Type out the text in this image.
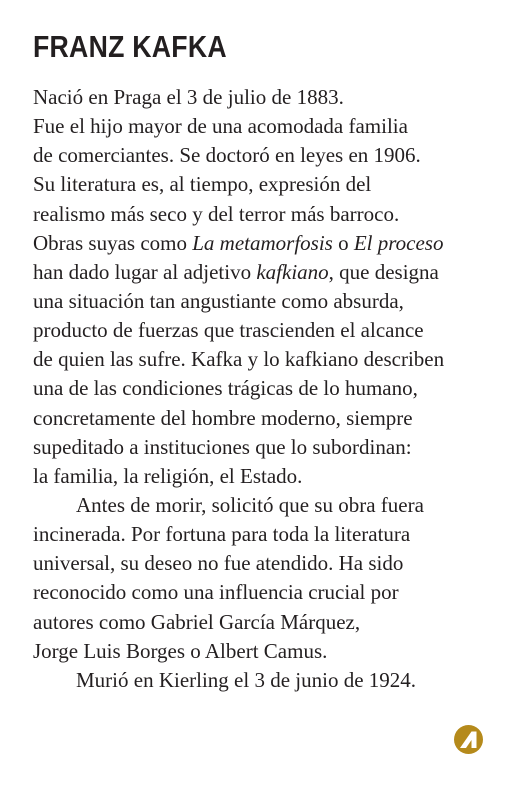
FRANZ KAFKA
Nació en Praga el 3 de julio de 1883.
Fue el hijo mayor de una acomodada familia
de comerciantes. Se doctoró en leyes en 1906.
Su literatura es, al tiempo, expresión del
realismo más seco y del terror más barroco.
Obras suyas como La metamorfosis o El proceso
han dado lugar al adjetivo kafkiano, que designa
una situación tan angustiante como absurda,
producto de fuerzas que trascienden el alcance
de quien las sufre. Kafka y lo kafkiano describen
una de las condiciones trágicas de lo humano,
concretamente del hombre moderno, siempre
supeditado a instituciones que lo subordinan:
la familia, la religión, el Estado.
Antes de morir, solicitó que su obra fuera
incinerada. Por fortuna para toda la literatura
universal, su deseo no fue atendido. Ha sido
reconocido como una influencia crucial por
autores como Gabriel García Márquez,
Jorge Luis Borges o Albert Camus.
Murió en Kierling el 3 de junio de 1924.
